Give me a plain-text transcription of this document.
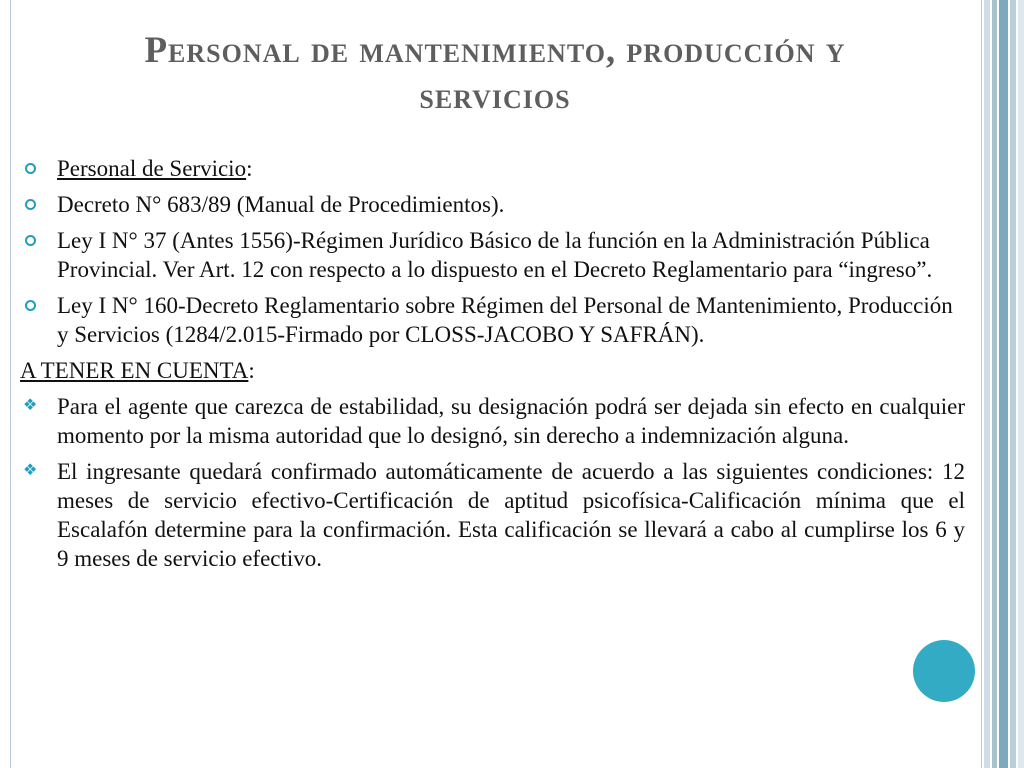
Personal de mantenimiento, producción y
servicios
Personal de Servicio:
Decreto N° 683/89 (Manual de Procedimientos).
Ley I N° 37 (Antes 1556)-Régimen Jurídico Básico de la función en la Administración Pública Provincial. Ver Art. 12 con respecto a lo dispuesto en el Decreto Reglamentario para “ingreso”.
Ley I N° 160-Decreto Reglamentario sobre Régimen del Personal de Mantenimiento, Producción y Servicios (1284/2.015-Firmado por CLOSS-JACOBO Y SAFRÁN).
A TENER EN CUENTA:
❖ Para el agente que carezca de estabilidad, su designación podrá ser dejada sin efecto en cualquier momento por la misma autoridad que lo designó, sin derecho a indemnización alguna.
❖ El ingresante quedará confirmado automáticamente de acuerdo a las siguientes condiciones: 12 meses de servicio efectivo-Certificación de aptitud psicofísica-Calificación mínima que el Escalafón determine para la confirmación. Esta calificación se llevará a cabo al cumplirse los 6 y 9 meses de servicio efectivo.
